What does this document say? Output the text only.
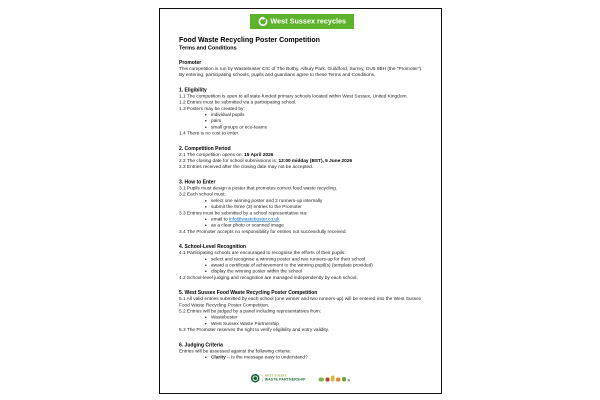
West Sussex recycles
Food Waste Recycling Poster Competition
Terms and Conditions
Promoter
This competition is run by Wastebuster CIC of The Bothy, Albury Park, Guildford, Surrey, GU5 9BH (the “Promoter”).
By entering, participating schools, pupils and guardians agree to these Terms and Conditions.
1. Eligibility
1.1 The competition is open to all state-funded primary schools located within West Sussex, United Kingdom.
1.2 Entries must be submitted via a participating school.
1.3 Posters may be created by:
• individual pupils
• pairs
• small groups or eco-teams
1.4 There is no cost to enter.
2. Competition Period
2.1 The competition opens on: 15 April 2026
2.2 The closing date for school submissions is: 12:00 midday (BST), 5 June 2026
2.3 Entries received after the closing date may not be accepted.
3. How to Enter
3.1 Pupils must design a poster that promotes correct food waste recycling.
3.2 Each school must:
• select one winning poster and 2 runners-up internally
• submit the three (3) entries to the Promoter
3.3 Entries must be submitted by a school representative via:
• email to info@wastebuster.co.uk
• as a clear photo or scanned image
3.4 The Promoter accepts no responsibility for entries not successfully received.
4. School-Level Recognition
4.1 Participating schools are encouraged to recognise the efforts of their pupils:
• select and recognise a winning poster and two runners-up for their school
• award a certificate of achievement to the winning pupil(s) (template provided)
• display the winning poster within the school
4.2 School-level judging and recognition are managed independently by each school.
5. West Sussex Food Waste Recycling Poster Competition
5.1 All valid entries submitted by each school (one winner and two runners-up) will be entered into the West Sussex Food Waste Recycling Poster Competition.
5.2 Entries will be judged by a panel including representatives from:
• Wastebuster
• West Sussex Waste Partnership
5.3 The Promoter reserves the right to verify eligibility and entry validity.
6. Judging Criteria
Entries will be assessed against the following criteria:
• Clarity – Is the message easy to understand?
WEST SUSSEX
WASTE PARTNERSHIP
